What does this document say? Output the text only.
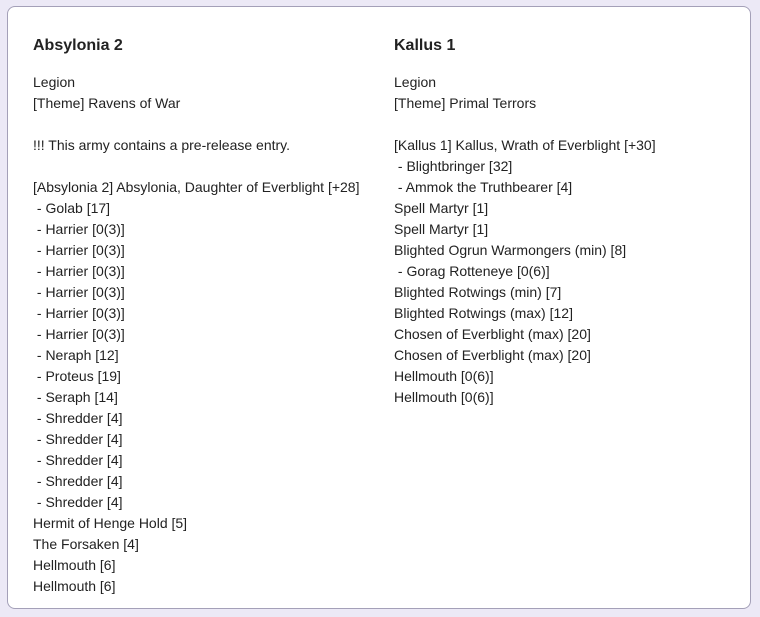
Absylonia 2
Legion
[Theme] Ravens of War
!!! This army contains a pre-release entry.
[Absylonia 2] Absylonia, Daughter of Everblight [+28]
- Golab [17]
- Harrier [0(3)]
- Harrier [0(3)]
- Harrier [0(3)]
- Harrier [0(3)]
- Harrier [0(3)]
- Harrier [0(3)]
- Neraph [12]
- Proteus [19]
- Seraph [14]
- Shredder [4]
- Shredder [4]
- Shredder [4]
- Shredder [4]
- Shredder [4]
Hermit of Henge Hold [5]
The Forsaken [4]
Hellmouth [6]
Hellmouth [6]
Kallus 1
Legion
[Theme] Primal Terrors
[Kallus 1] Kallus, Wrath of Everblight [+30]
- Blightbringer [32]
- Ammok the Truthbearer [4]
Spell Martyr [1]
Spell Martyr [1]
Blighted Ogrun Warmongers (min) [8]
- Gorag Rotteneye [0(6)]
Blighted Rotwings (min) [7]
Blighted Rotwings (max) [12]
Chosen of Everblight (max) [20]
Chosen of Everblight (max) [20]
Hellmouth [0(6)]
Hellmouth [0(6)]
